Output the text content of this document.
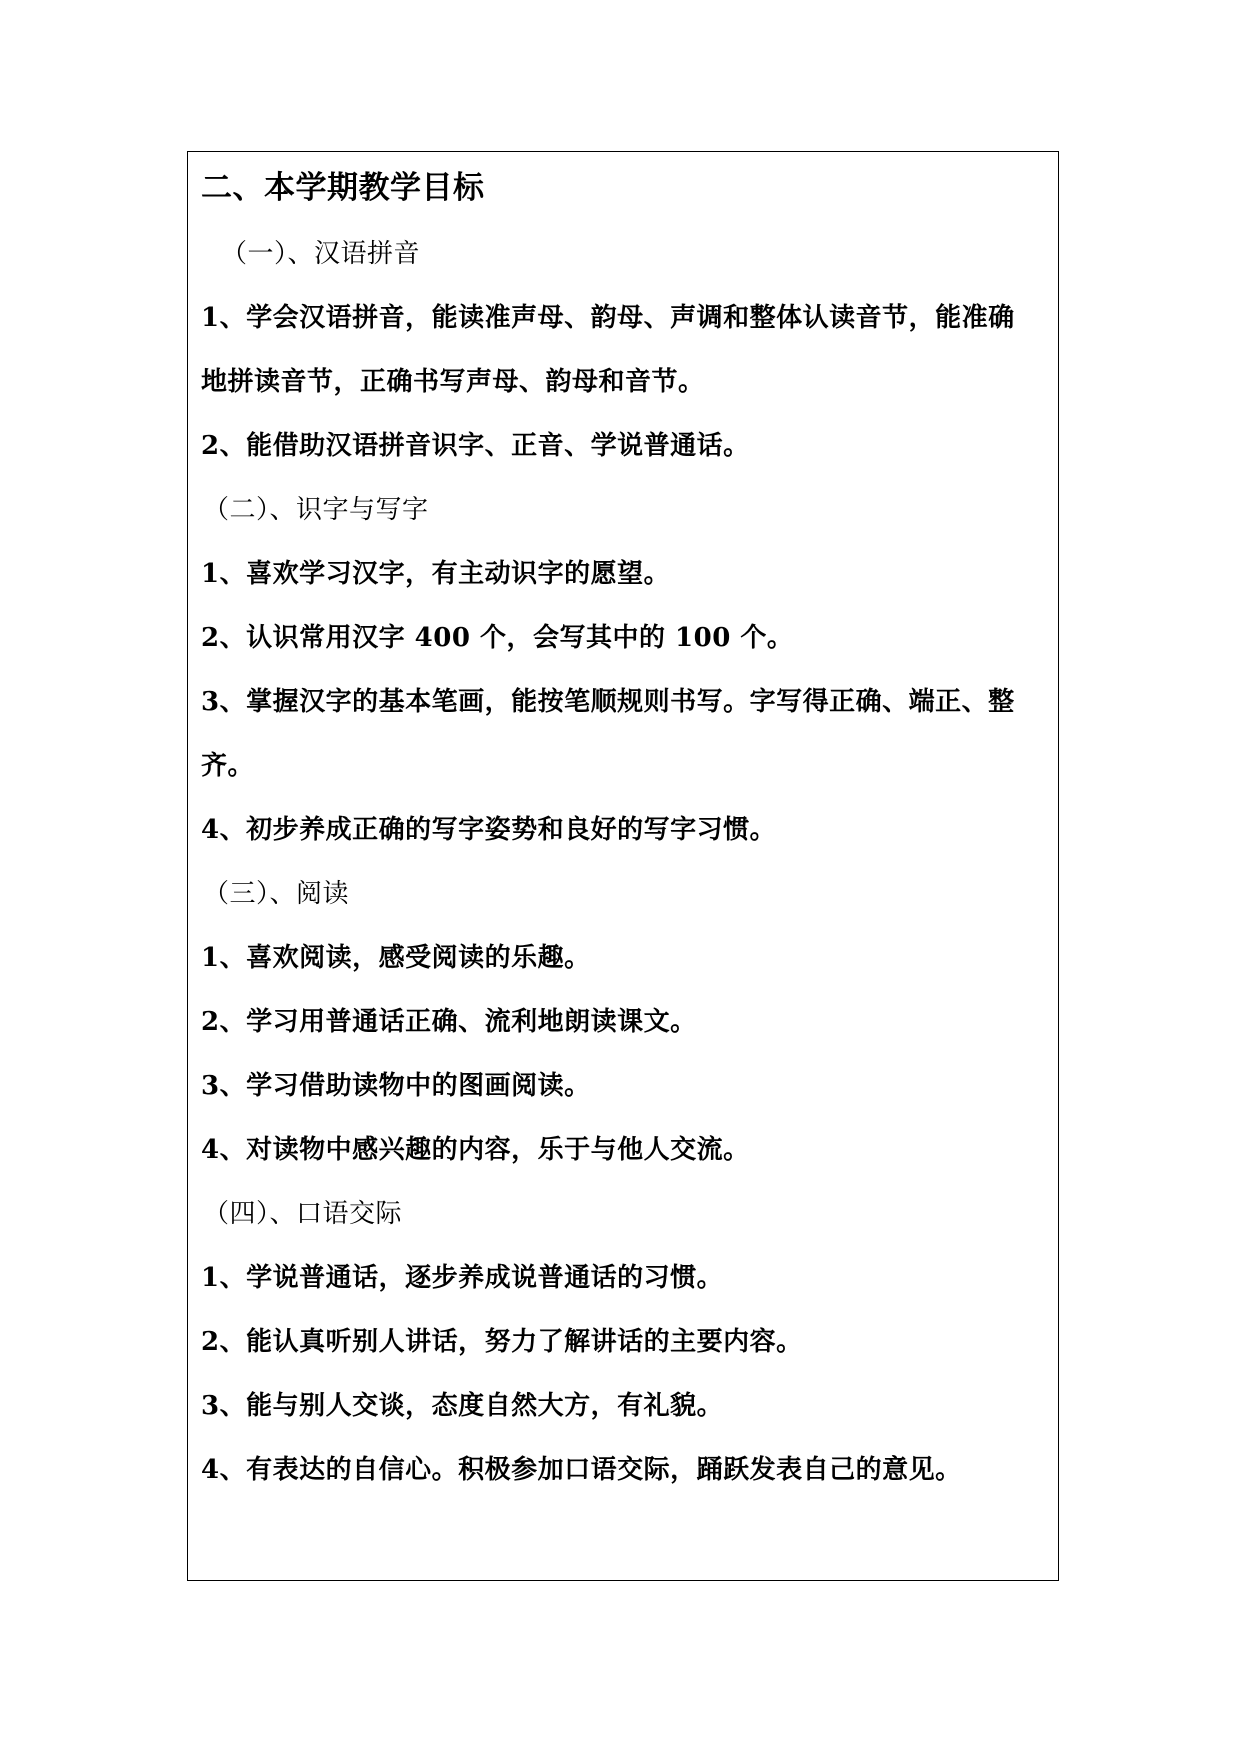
二、本学期教学目标
（一）、汉语拼音
1、学会汉语拼音，能读准声母、韵母、声调和整体认读音节，能准确地拼读音节，正确书写声母、韵母和音节。
2、能借助汉语拼音识字、正音、学说普通话。
（二）、识字与写字
1、喜欢学习汉字，有主动识字的愿望。
2、认识常用汉字 400 个，会写其中的 100 个。
3、掌握汉字的基本笔画，能按笔顺规则书写。字写得正确、端正、整齐。
4、初步养成正确的写字姿势和良好的写字习惯。
（三）、阅读
1、喜欢阅读，感受阅读的乐趣。
2、学习用普通话正确、流利地朗读课文。
3、学习借助读物中的图画阅读。
4、对读物中感兴趣的内容，乐于与他人交流。
（四）、口语交际
1、学说普通话，逐步养成说普通话的习惯。
2、能认真听别人讲话，努力了解讲话的主要内容。
3、能与别人交谈，态度自然大方，有礼貌。
4、有表达的自信心。积极参加口语交际，踊跃发表自己的意见。
